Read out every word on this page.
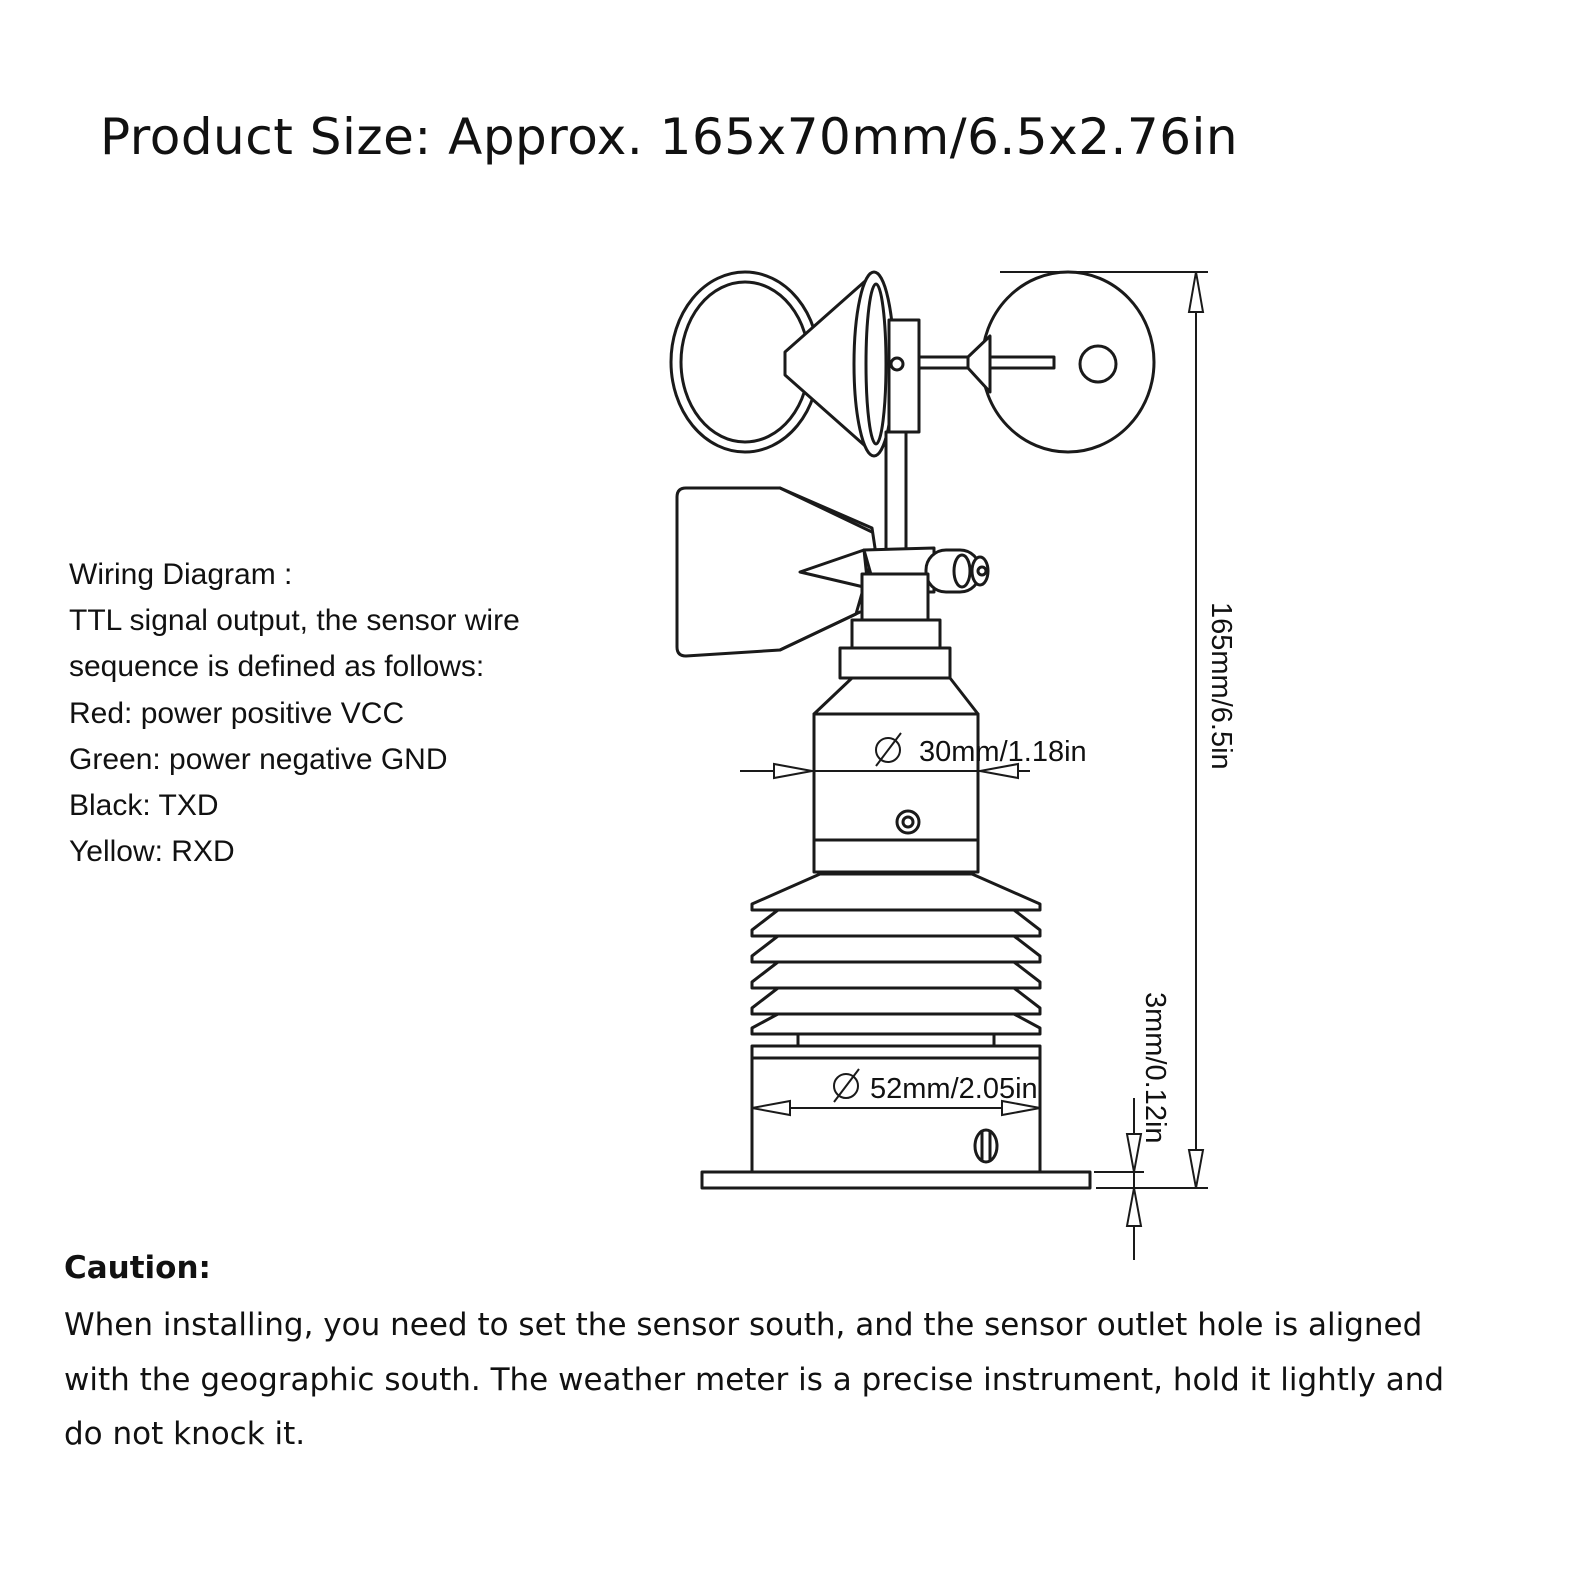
Product Size: Approx. 165x70mm/6.5x2.76in
Wiring Diagram :
TTL signal output, the sensor wire
sequence is defined as follows:
Red: power positive VCC
Green: power negative GND
Black: TXD
Yellow: RXD
30mm/1.18in
52mm/2.05in
165mm/6.5in
3mm/0.12in
Caution:
When installing, you need to set the sensor south, and the sensor outlet hole is aligned
with the geographic south. The weather meter is a precise instrument, hold it lightly and
do not knock it.
